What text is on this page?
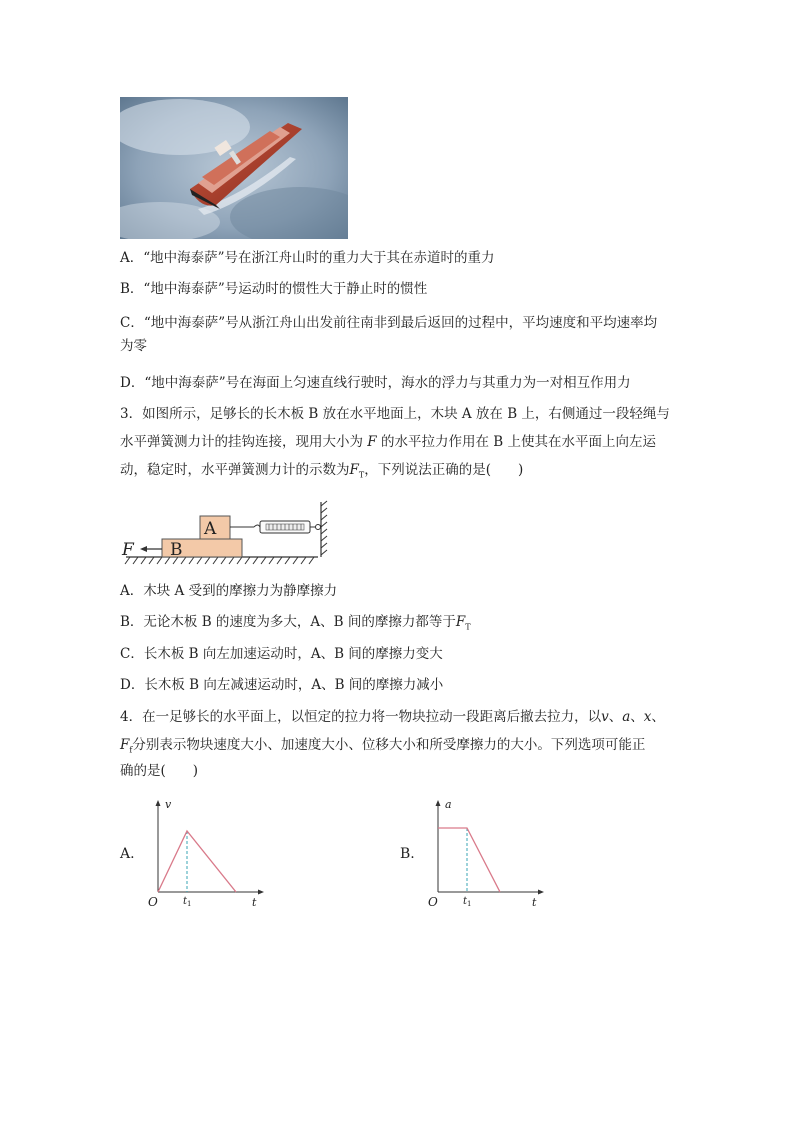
A．“地中海泰萨”号在浙江舟山时的重力大于其在赤道时的重力
B．“地中海泰萨”号运动时的惯性大于静止时的惯性
C．“地中海泰萨”号从浙江舟山出发前往南非到最后返回的过程中，平均速度和平均速率均
为零
D．“地中海泰萨”号在海面上匀速直线行驶时，海水的浮力与其重力为一对相互作用力
3．如图所示，足够长的长木板 B 放在水平地面上，木块 A 放在 B 上，右侧通过一段轻绳与
水平弹簧测力计的挂钩连接，现用大小为 F 的水平拉力作用在 B 上使其在水平面上向左运
动，稳定时，水平弹簧测力计的示数为$F_T$，下列说法正确的是(　　)
A
B
F
A．木块 A 受到的摩擦力为静摩擦力
B．无论木板 B 的速度为多大，A、B 间的摩擦力都等于$F_T$
C．长木板 B 向左加速运动时，A、B 间的摩擦力变大
D．长木板 B 向左减速运动时，A、B 间的摩擦力减小
4．在一足够长的水平面上，以恒定的拉力将一物块拉动一段距离后撤去拉力，以v、a、x、
$F_f$分别表示物块速度大小、加速度大小、位移大小和所受摩擦力的大小。下列选项可能正
确的是(　　)
A.
v
t
O	t 1
B.
a
t
O	t 1
